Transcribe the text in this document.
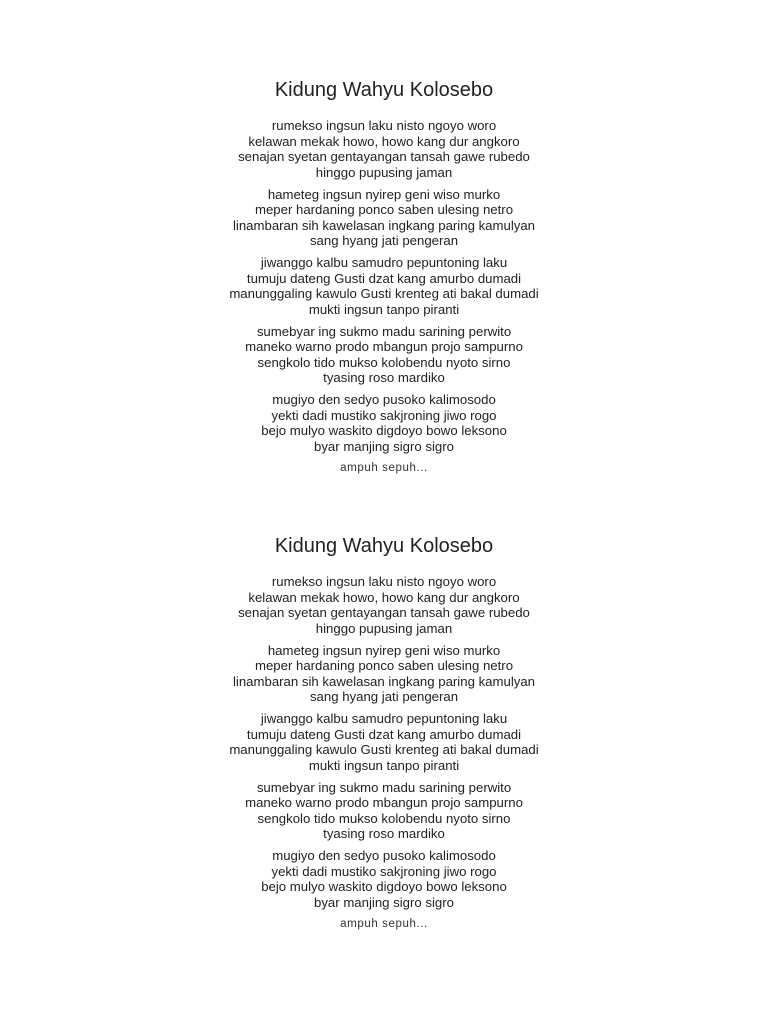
Kidung Wahyu Kolosebo
rumekso ingsun laku nisto ngoyo woro
kelawan mekak howo, howo kang dur angkoro
senajan syetan gentayangan tansah gawe rubedo
hinggo pupusing jaman
hameteg ingsun nyirep geni wiso murko
meper hardaning ponco saben ulesing netro
linambaran sih kawelasan ingkang paring kamulyan
sang hyang jati pengeran
jiwanggo kalbu samudro pepuntoning laku
tumuju dateng Gusti dzat kang amurbo dumadi
manunggaling kawulo Gusti krenteg ati bakal dumadi
mukti ingsun tanpo piranti
sumebyar ing sukmo madu sarining perwito
maneko warno prodo mbangun projo sampurno
sengkolo tido mukso kolobendu nyoto sirno
tyasing roso mardiko
mugiyo den sedyo pusoko kalimosodo
yekti dadi mustiko sakjroning jiwo rogo
bejo mulyo waskito digdoyo bowo leksono
byar manjing sigro sigro
ampuh sepuh...
Kidung Wahyu Kolosebo
rumekso ingsun laku nisto ngoyo woro
kelawan mekak howo, howo kang dur angkoro
senajan syetan gentayangan tansah gawe rubedo
hinggo pupusing jaman
hameteg ingsun nyirep geni wiso murko
meper hardaning ponco saben ulesing netro
linambaran sih kawelasan ingkang paring kamulyan
sang hyang jati pengeran
jiwanggo kalbu samudro pepuntoning laku
tumuju dateng Gusti dzat kang amurbo dumadi
manunggaling kawulo Gusti krenteg ati bakal dumadi
mukti ingsun tanpo piranti
sumebyar ing sukmo madu sarining perwito
maneko warno prodo mbangun projo sampurno
sengkolo tido mukso kolobendu nyoto sirno
tyasing roso mardiko
mugiyo den sedyo pusoko kalimosodo
yekti dadi mustiko sakjroning jiwo rogo
bejo mulyo waskito digdoyo bowo leksono
byar manjing sigro sigro
ampuh sepuh...
